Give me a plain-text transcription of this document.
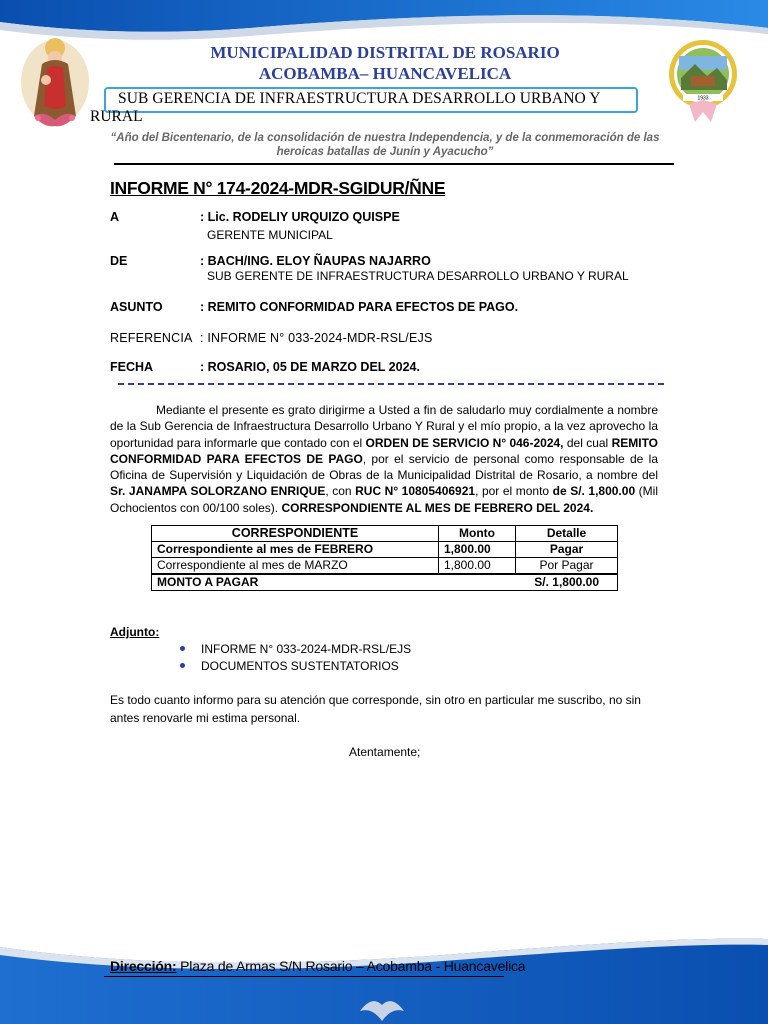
1933
MUNICIPALIDAD DISTRITAL DE ROSARIO
ACOBAMBA– HUANCAVELICA
SUB GERENCIA DE INFRAESTRUCTURA DESARROLLO URBANO Y
RURAL
“Año del Bicentenario, de la consolidación de nuestra Independencia, y de la conmemoración de las heroicas batallas de Junín y Ayacucho”
INFORME N° 174-2024-MDR-SGIDUR/ÑNE
A	: Lic. RODELIY URQUIZO QUISPE
GERENTE MUNICIPAL
DE	: BACH/ING. ELOY ÑAUPAS NAJARRO
SUB GERENTE DE INFRAESTRUCTURA DESARROLLO URBANO Y RURAL
ASUNTO	: REMITO CONFORMIDAD PARA EFECTOS DE PAGO.
REFERENCIA : INFORME N° 033-2024-MDR-RSL/EJS
FECHA	: ROSARIO, 05 DE MARZO DEL 2024.
Mediante el presente es grato dirigirme a Usted a fin de saludarlo muy cordialmente a nombre de la Sub Gerencia de Infraestructura Desarrollo Urbano Y Rural y el mío propio, a la vez aprovecho la oportunidad para informarle que contado con el ORDEN DE SERVICIO N° 046-2024, del cual REMITO CONFORMIDAD PARA EFECTOS DE PAGO, por el servicio de personal como responsable de la Oficina de Supervisión y Liquidación de Obras de la Municipalidad Distrital de Rosario, a nombre del Sr. JANAMPA SOLORZANO ENRIQUE, con RUC N° 10805406921, por el monto de S/. 1,800.00 (Mil Ochocientos con 00/100 soles). CORRESPONDIENTE AL MES DE FEBRERO DEL 2024.
CORRESPONDIENTE	Monto	Detalle
Correspondiente al mes de FEBRERO	1,800.00	Pagar
Correspondiente al mes de MARZO	1,800.00	Por Pagar
MONTO A PAGAR	S/. 1,800.00	
Adjunto:
INFORME N° 033-2024-MDR-RSL/EJS
DOCUMENTOS SUSTENTATORIOS
Es todo cuanto informo para su atención que corresponde, sin otro en particular me suscribo, no sin antes renovarle mi estima personal.
Atentamente;
Dirección: Plaza de Armas S/N Rosario – Acobamba - Huancavelica
